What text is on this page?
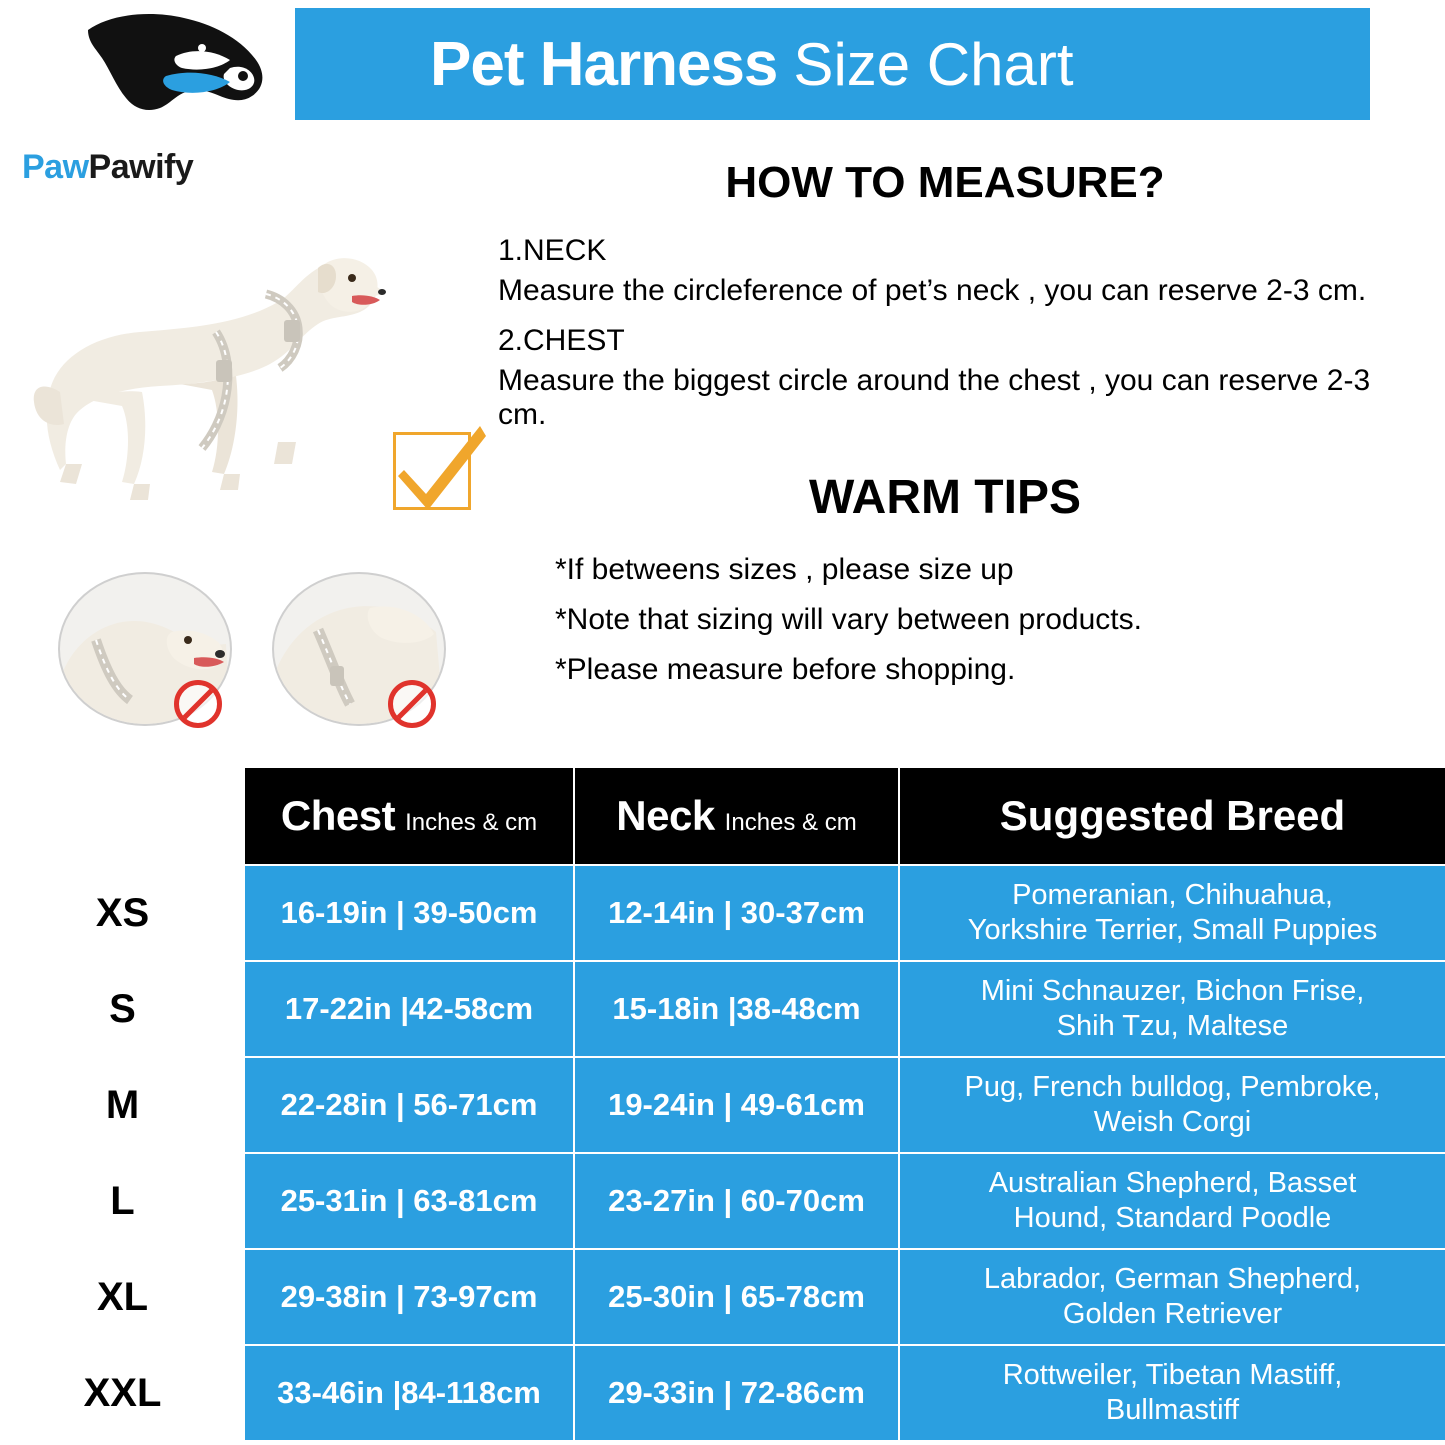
Pet Harness Size Chart
PawPawify	HOW TO MEASURE?
1.NECK
Measure the circleference of pet’s neck , you can reserve 2-3 cm.
2.CHEST
Measure the biggest circle around the chest , you can reserve 2-3 cm.
WARM TIPS
*If betweens sizes , please size up
*Note that sizing will vary between products.
*Please measure before shopping.
	Chest Inches & cm	Neck Inches & cm	Suggested Breed
XS	16-19in | 39-50cm	12-14in | 30-37cm	Pomeranian, Chihuahua,
Yorkshire Terrier, Small Puppies
S	17-22in |42-58cm	15-18in |38-48cm	Mini Schnauzer, Bichon Frise,
Shih Tzu, Maltese
M	22-28in | 56-71cm	19-24in | 49-61cm	Pug, French bulldog, Pembroke,
Weish Corgi
L	25-31in | 63-81cm	23-27in | 60-70cm	Australian Shepherd, Basset
Hound, Standard Poodle
XL	29-38in | 73-97cm	25-30in | 65-78cm	Labrador, German Shepherd,
Golden Retriever
XXL	33-46in |84-118cm	29-33in | 72-86cm	Rottweiler, Tibetan Mastiff,
Bullmastiff
